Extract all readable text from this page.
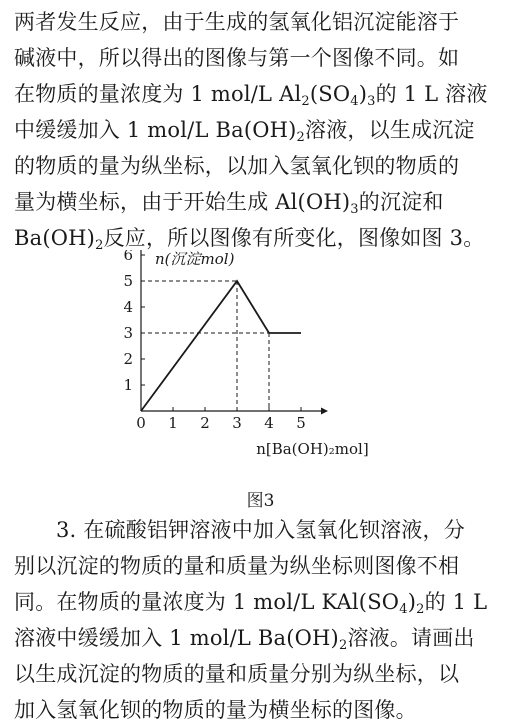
两者发生反应，由于生成的氢氧化铝沉淀能溶于
碱液中，所以得出的图像与第一个图像不同。如
在物质的量浓度为 1 mol/L $Al_2(SO_4)_3$的 1 L 溶液
中缓缓加入 1 mol/L $Ba(OH)_2$溶液，以生成沉淀
的物质的量为纵坐标，以加入氢氧化钡的物质的
量为横坐标，由于开始生成 $Al(OH)_3$的沉淀和
$Ba(OH)_2$反应，所以图像有所变化，图像如图 3。
0 1 2 3 4 5
1
2
3
4
5
6 n(沉淀mol)
n[Ba(OH)₂mol]
图3
3. 在硫酸铝钾溶液中加入氢氧化钡溶液，分
别以沉淀的物质的量和质量为纵坐标则图像不相
同。在物质的量浓度为 1 mol/L $KAl(SO_4)_2$的 1 L
溶液中缓缓加入 1 mol/L $Ba(OH)_2$溶液。请画出
以生成沉淀的物质的量和质量分别为纵坐标，以
加入氢氧化钡的物质的量为横坐标的图像。
